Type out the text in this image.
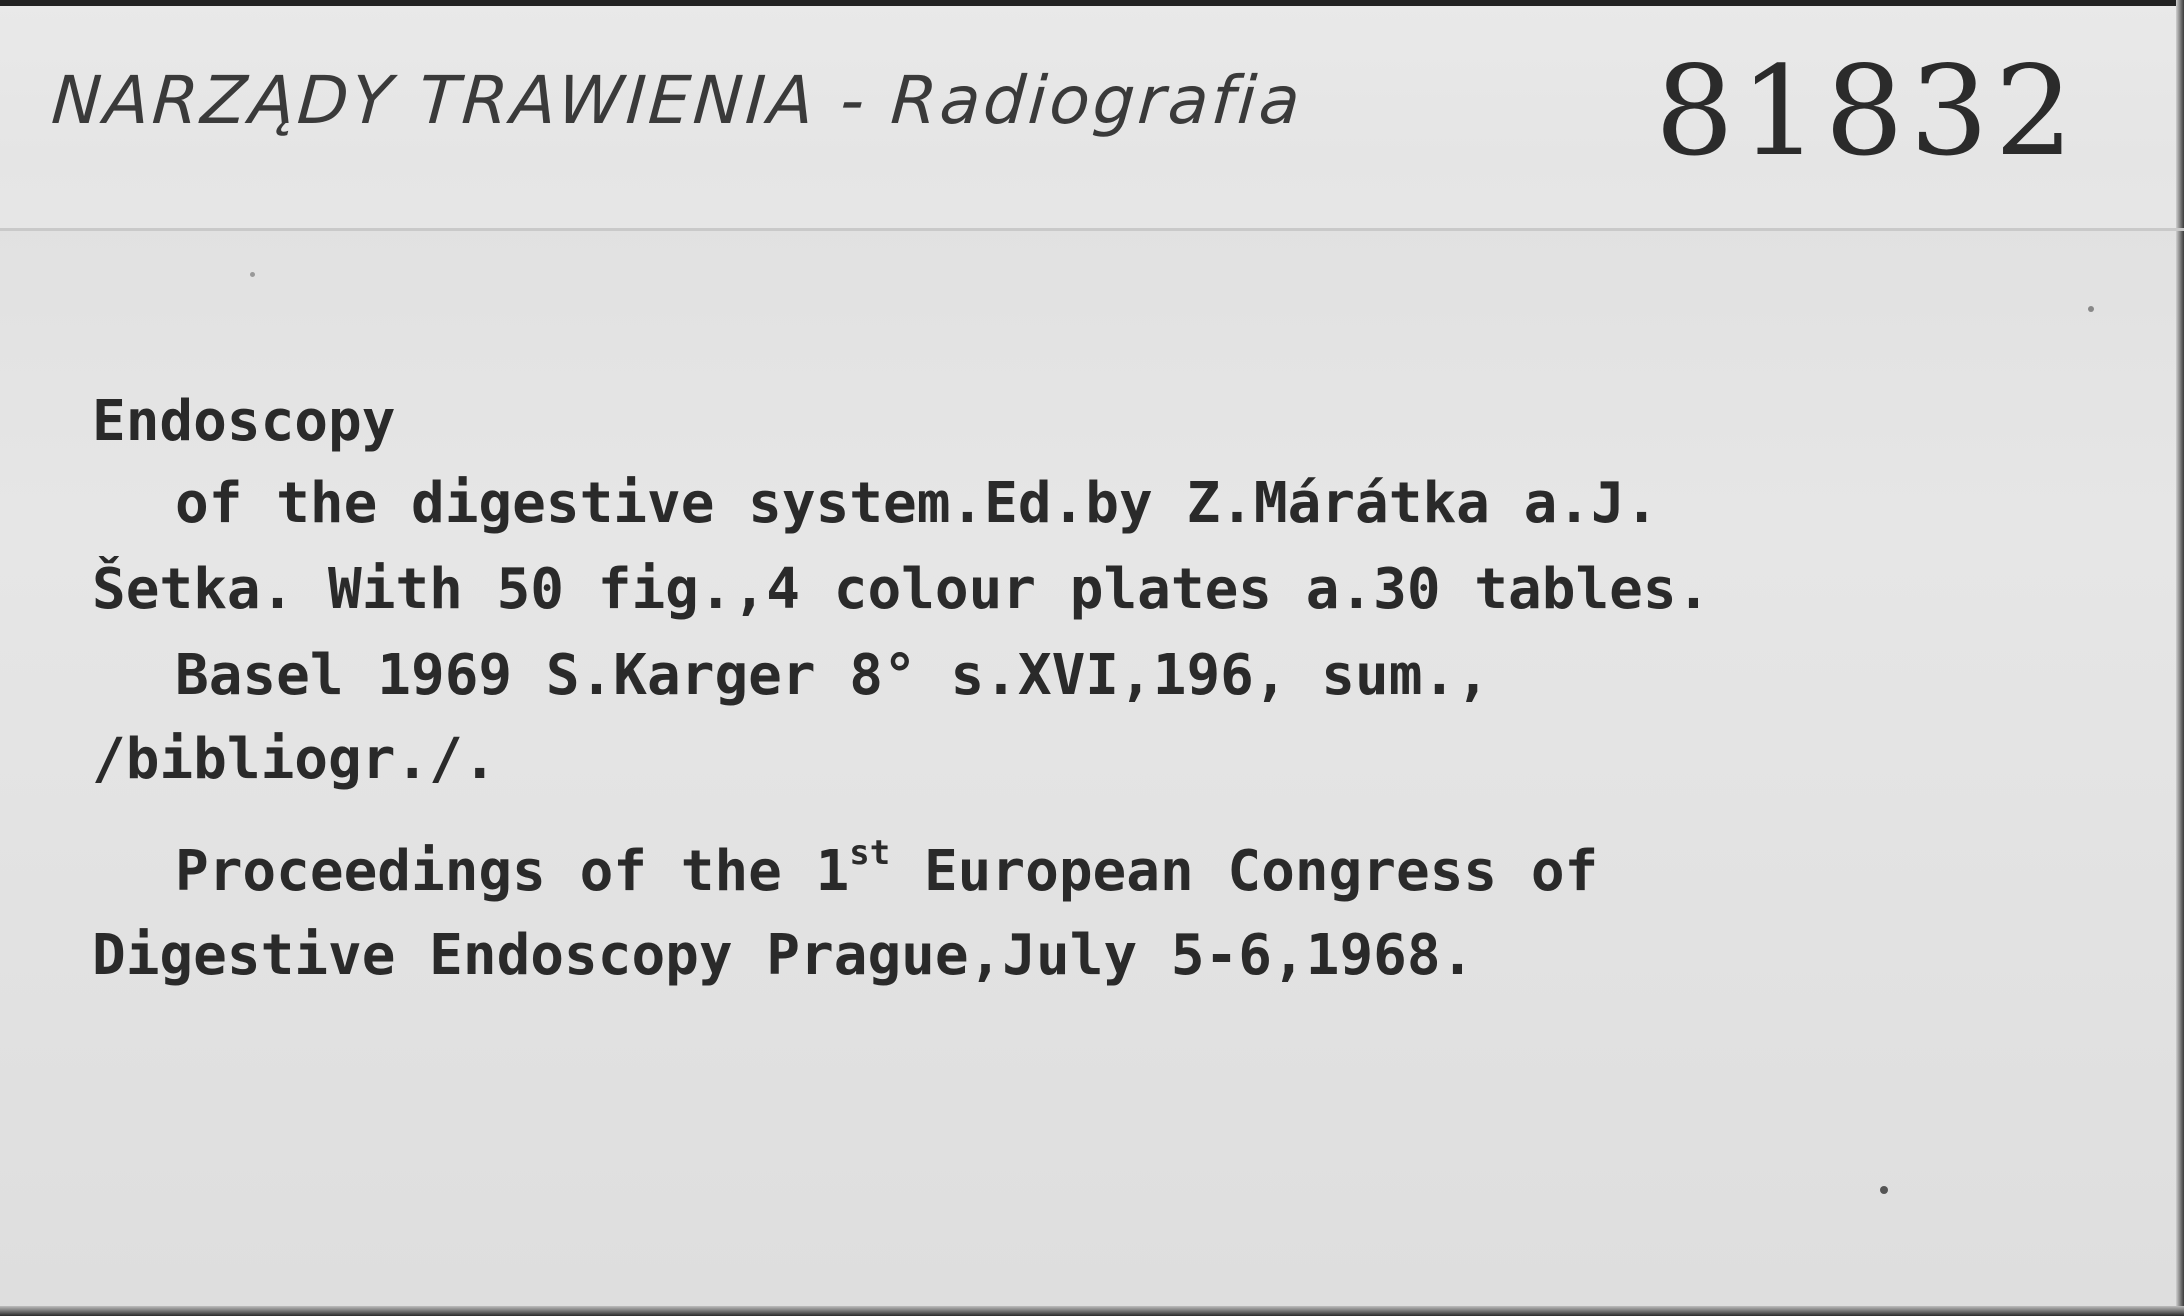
NARZĄDY TRAWIENIA - Radiografia	81832
Endoscopy
of the digestive system.Ed.by Z.Márátka a.J.
Šetka. With 50 fig.,4 colour plates a.30 tables.
Basel 1969 S.Karger 8° s.XVI,196, sum.,
/bibliogr./.
Proceedings of the 1st European Congress of
Digestive Endoscopy Prague,July 5-6,1968.
